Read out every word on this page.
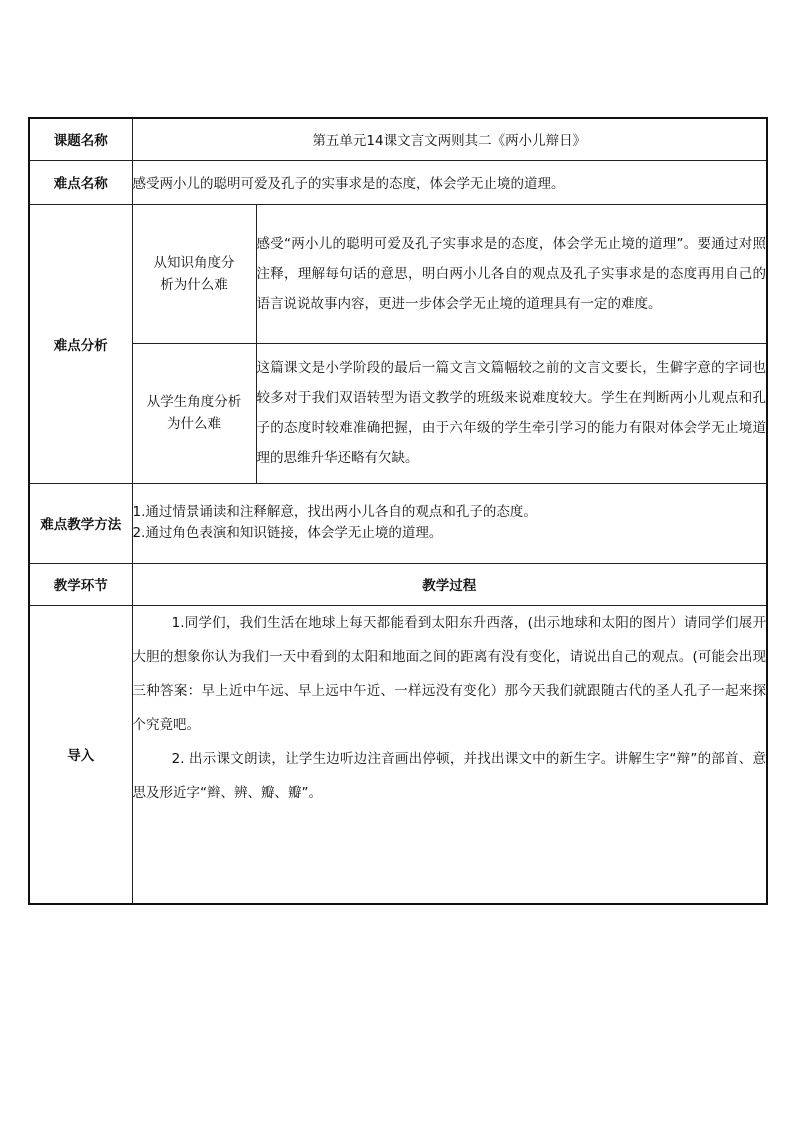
课题名称	第五单元14课文言文两则其二《两小儿辩日》	
难点名称	感受两小儿的聪明可爱及孔子的实事求是的态度，体会学无止境的道理。	
难点分析	从知识角度分析为什么难	感受“两小儿的聪明可爱及孔子实事求是的态度，体会学无止境的道理”。要通过对照注释，理解每句话的意思，明白两小儿各自的观点及孔子实事求是的态度再用自己的语言说说故事内容，更进一步体会学无止境的道理具有一定的难度。

	从学生角度分析为什么难	这篇课文是小学阶段的最后一篇文言文篇幅较之前的文言文要长，生僻字意的字词也较多对于我们双语转型为语文教学的班级来说难度较大。学生在判断两小儿观点和孔子的态度时较难准确把握，由于六年级的学生牵引学习的能力有限对体会学无止境道理的思维升华还略有欠缺。
难点教学方法	1.通过情景诵读和注释解意，找出两小儿各自的观点和孔子的态度。
2.通过角色表演和知识链接，体会学无止境的道理。	

教学环节	教学过程	
导入	1.同学们，我们生活在地球上每天都能看到太阳东升西落，(出示地球和太阳的图片）请同学们展开大胆的想象你认为我们一天中看到的太阳和地面之间的距离有没有变化，请说出自己的观点。(可能会出现三种答案：早上近中午远、早上远中午近、一样远没有变化）那今天我们就跟随古代的圣人孔子一起来探个究竟吧。
2. 出示课文朗读，让学生边听边注音画出停顿，并找出课文中的新生字。讲解生字“辩”的部首、意思及形近字“辫、辨、瓣、瓣”。	
